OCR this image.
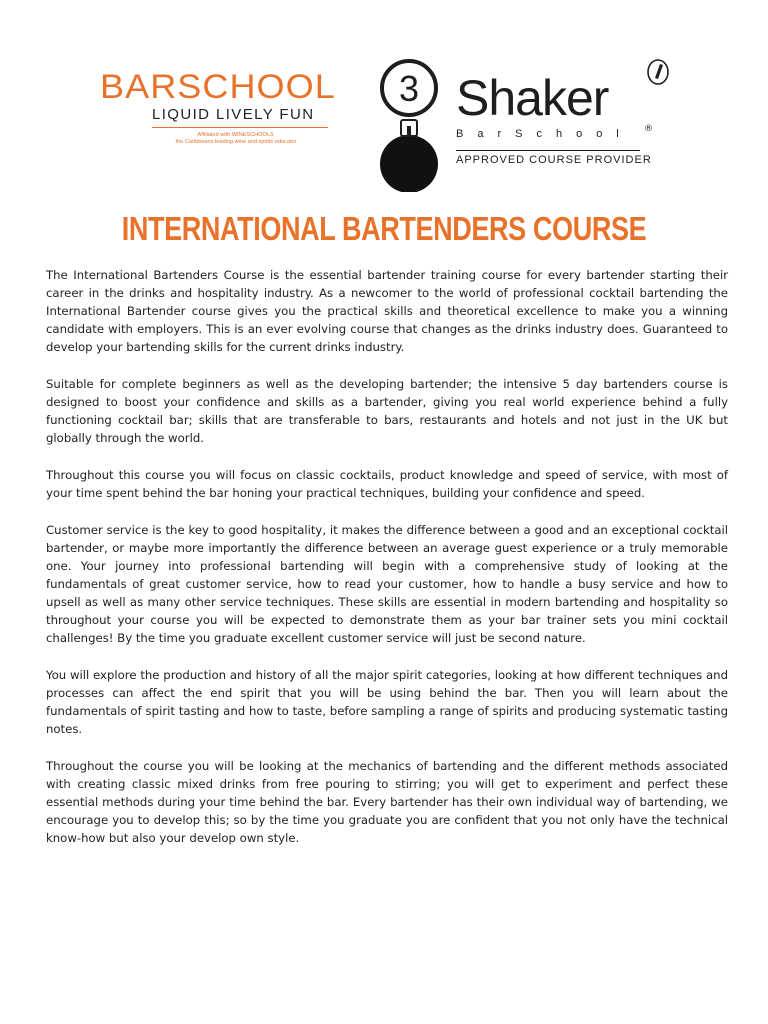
BARSCHOOL
LIQUID LIVELY FUN
Affiliated with WINESCHOOL3,
the Caribbeans leading wine and spirits educator
3 Shaker
BarSchool	®
APPROVED COURSE PROVIDER
INTERNATIONAL BARTENDERS COURSE

The International Bartenders Course is the essential bartender training course for every bartender starting their career in the drinks and hospitality industry. As a newcomer to the world of professional cocktail bartending the International Bartender course gives you the practical skills and theoretical excellence to make you a winning candidate with employers. This is an ever evolving course that changes as the drinks industry does. Guaranteed to develop your bartending skills for the current drinks industry.

Suitable for complete beginners as well as the developing bartender; the intensive 5 day bartenders course is designed to boost your confidence and skills as a bartender, giving you real world experience behind a fully functioning cocktail bar; skills that are transferable to bars, restaurants and hotels and not just in the UK but globally through the world.

Throughout this course you will focus on classic cocktails, product knowledge and speed of service, with most of your time spent behind the bar honing your practical techniques, building your confidence and speed.

Customer service is the key to good hospitality, it makes the difference between a good and an exceptional cocktail bartender, or maybe more importantly the difference between an average guest experience or a truly memorable one. Your journey into professional bartending will begin with a comprehensive study of looking at the fundamentals of great customer service, how to read your customer, how to handle a busy service and how to upsell as well as many other service techniques. These skills are essential in modern bartending and hospitality so throughout your course you will be expected to demonstrate them as your bar trainer sets you mini cocktail challenges! By the time you graduate excellent customer service will just be second nature.

You will explore the production and history of all the major spirit categories, looking at how different techniques and processes can affect the end spirit that you will be using behind the bar. Then you will learn about the fundamentals of spirit tasting and how to taste, before sampling a range of spirits and producing systematic tasting notes.

Throughout the course you will be looking at the mechanics of bartending and the different methods associated with creating classic mixed drinks from free pouring to stirring; you will get to experiment and perfect these essential methods during your time behind the bar. Every bartender has their own individual way of bartending, we encourage you to develop this; so by the time you graduate you are confident that you not only have the technical know-how but also your develop own style.
